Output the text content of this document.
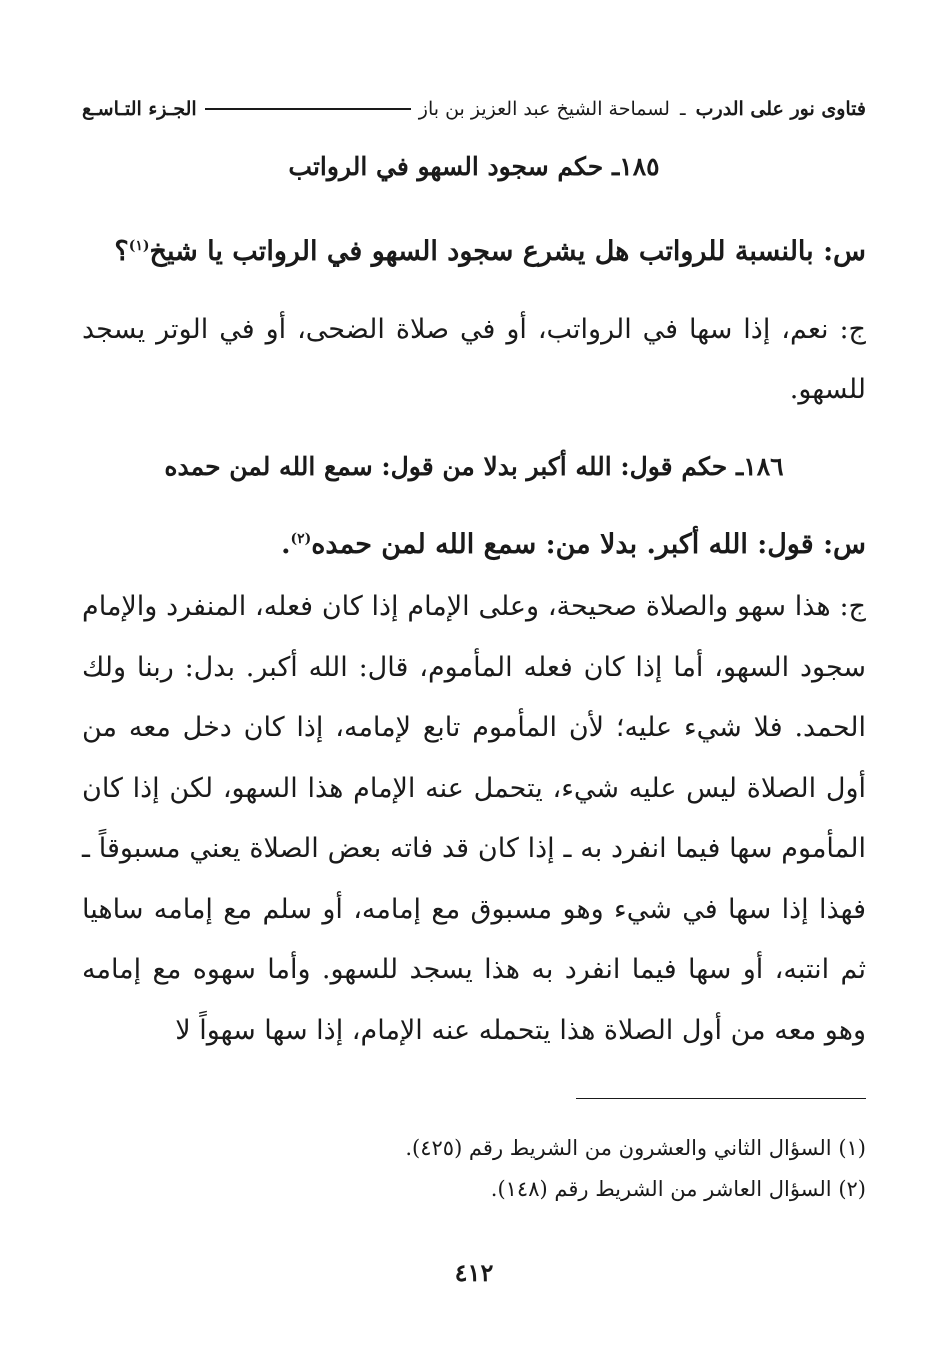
فتاوى نور على الدرب ـ لسماحة الشيخ عبد العزيز بن باز
الجـزء التـاسـع
١٨٥ـ حكم سجود السهو في الرواتب

س: بالنسبة للرواتب هل يشرع سجود السهو في الرواتب يا شيخ$^{(١)}$؟

ج: نعم، إذا سها في الرواتب، أو في صلاة الضحى، أو في الوتر يسجد للسهو.

١٨٦ـ حكم قول: الله أكبر بدلا من قول: سمع الله لمن حمده

س: قول: الله أكبر. بدلا من: سمع الله لمن حمده$^{(٢)}$.

ج: هذا سهو والصلاة صحيحة، وعلى الإمام إذا كان فعله، المنفرد والإمام سجود السهو، أما إذا كان فعله المأموم، قال: الله أكبر. بدل: ربنا ولك الحمد. فلا شيء عليه؛ لأن المأموم تابع لإمامه، إذا كان دخل معه من أول الصلاة ليس عليه شيء، يتحمل عنه الإمام هذا السهو، لكن إذا كان المأموم سها فيما انفرد به ـ إذا كان قد فاته بعض الصلاة يعني مسبوقاً ـ فهذا إذا سها في شيء وهو مسبوق مع إمامه، أو سلم مع إمامه ساهيا ثم انتبه، أو سها فيما انفرد به هذا يسجد للسهو. وأما سهوه مع إمامه وهو معه من أول الصلاة هذا يتحمله عنه الإمام، إذا سها سهواً لا

(١) السؤال الثاني والعشرون من الشريط رقم (٤٢٥).
(٢) السؤال العاشر من الشريط رقم (١٤٨).
٤١٢
